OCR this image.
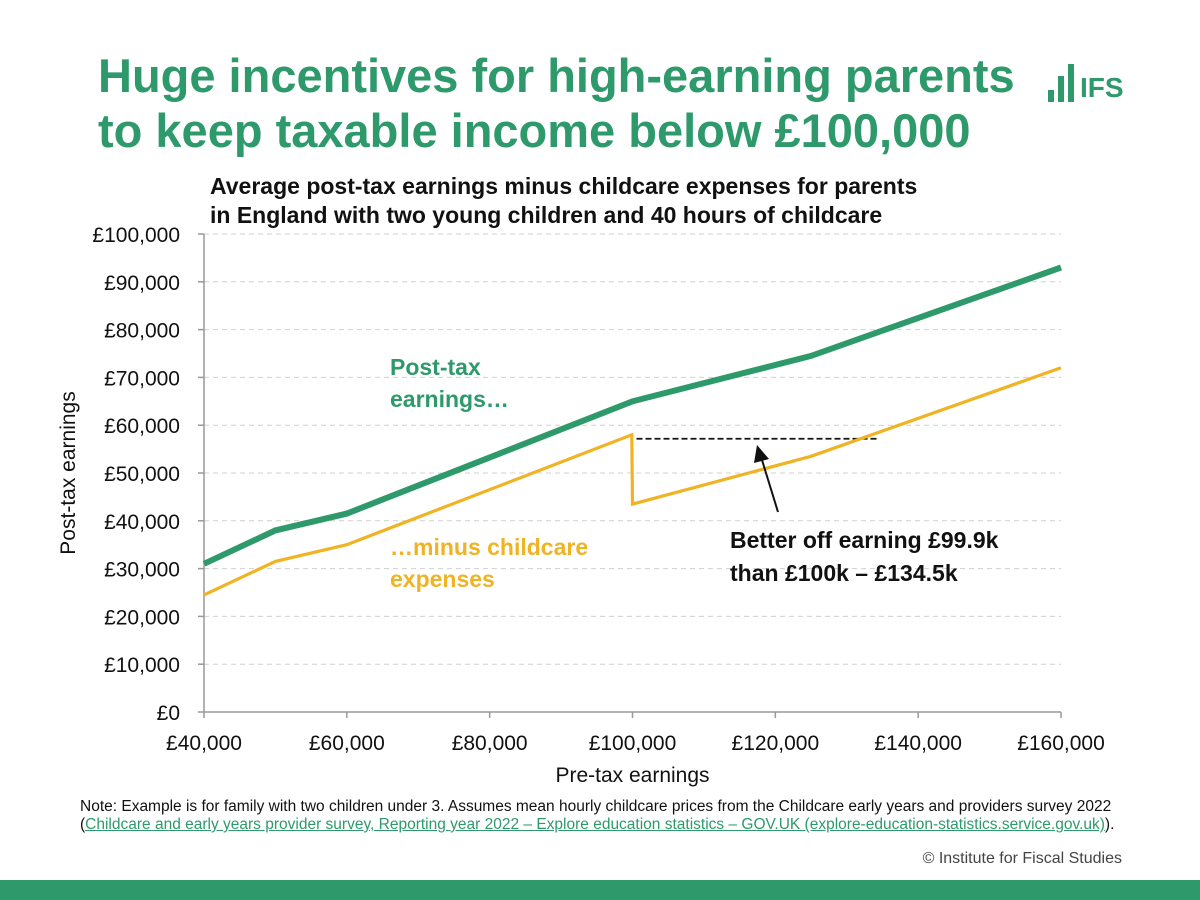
Huge incentives for high-earning parents
to keep taxable income below £100,000
IFS
Average post-tax earnings minus childcare expenses for parents
in England with two young children and 40 hours of childcare
£0
£10,000
£20,000
£30,000
£40,000
£50,000
£60,000
£70,000
£80,000
£90,000
£100,000
£40,000	£60,000	£80,000	£100,000	£120,000	£140,000	£160,000
Pre-tax earnings
Post-tax earnings
Post-tax
earnings…
…minus childcare
expenses
Better off earning £99.9k
than £100k – £134.5k
Note: Example is for family with two children under 3. Assumes mean hourly childcare prices from the Childcare early years and providers survey 2022 (Childcare and early years provider survey, Reporting year 2022 – Explore education statistics – GOV.UK (explore-education-statistics.service.gov.uk)).
© Institute for Fiscal Studies
